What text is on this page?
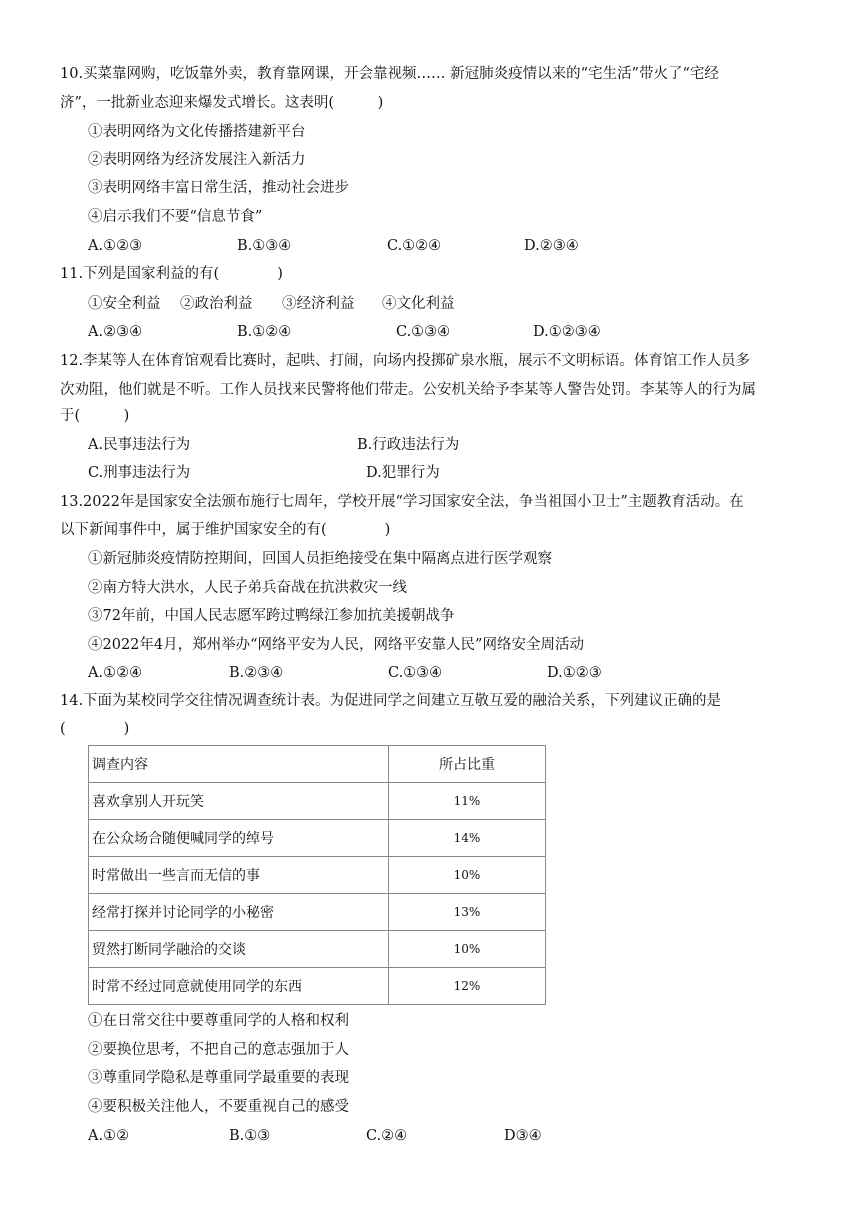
10.买菜靠网购，吃饭靠外卖，教育靠网课，开会靠视频…… 新冠肺炎疫情以来的“宅生活”带火了“宅经
济”，一批新业态迎来爆发式增长。这表明(　　　)
①表明网络为文化传播搭建新平台
②表明网络为经济发展注入新活力
③表明网络丰富日常生活，推动社会进步
④启示我们不要“信息节食”
A.①②③	B.①③④	C.①②④	D.②③④
11.下列是国家利益的有(　　　　)
①安全利益 ②政治利益 ③经济利益 ④文化利益
A.②③④	B.①②④	C.①③④	D.①②③④
12.李某等人在体育馆观看比赛时，起哄、打闹，向场内投掷矿泉水瓶，展示不文明标语。体育馆工作人员多
次劝阻，他们就是不听。工作人员找来民警将他们带走。公安机关给予李某等人警告处罚。李某等人的行为属
于(　　　)
A.民事违法行为	B.行政违法行为
C.刑事违法行为	D.犯罪行为
13.2022年是国家安全法颁布施行七周年，学校开展“学习国家安全法，争当祖国小卫士”主题教育活动。在
以下新闻事件中，属于维护国家安全的有(　　　　)
①新冠肺炎疫情防控期间，回国人员拒绝接受在集中隔离点进行医学观察
②南方特大洪水，人民子弟兵奋战在抗洪救灾一线
③72年前，中国人民志愿军跨过鸭绿江参加抗美援朝战争
④2022年4月，郑州举办“网络平安为人民，网络平安靠人民”网络安全周活动
A.①②④	B.②③④	C.①③④	D.①②③
14.下面为某校同学交往情况调查统计表。为促进同学之间建立互敬互爱的融洽关系，下列建议正确的是
(　　　　)
调查内容	所占比重
喜欢拿别人开玩笑	11%
在公众场合随便喊同学的绰号	14%
时常做出一些言而无信的事	10%
经常打探并讨论同学的小秘密	13%
贸然打断同学融洽的交谈	10%
时常不经过同意就使用同学的东西	12%
①在日常交往中要尊重同学的人格和权利
②要换位思考，不把自己的意志强加于人
③尊重同学隐私是尊重同学最重要的表现
④要积极关注他人，不要重视自己的感受
A.①②	B.①③	C.②④	D③④
